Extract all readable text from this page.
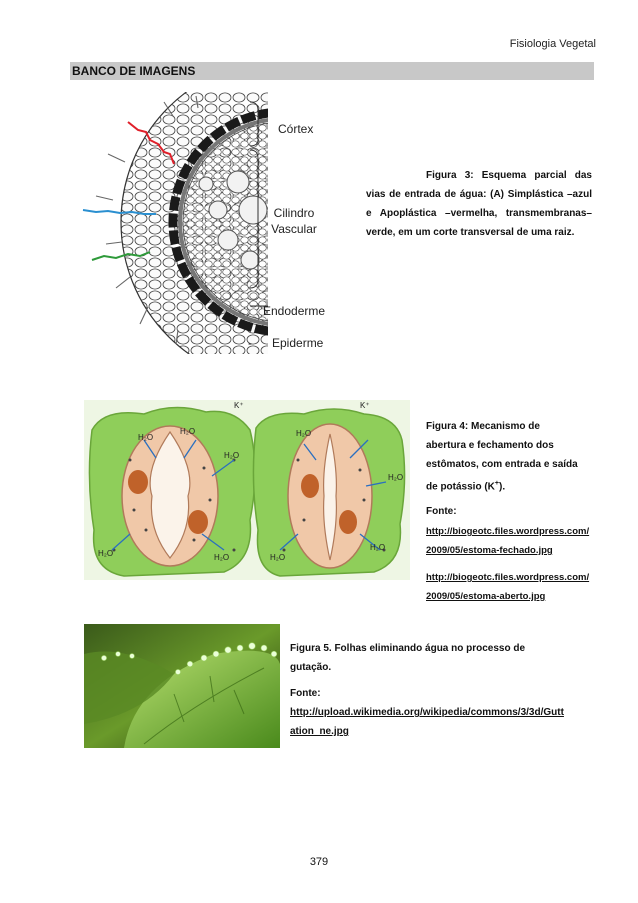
Fisiologia Vegetal
BANCO DE IMAGENS
Córtex
Cilindro
Vascular
Endoderme
- Epiderme
Figura 3: Esquema parcial das vias de entrada de água: (A) Simplástica –azul e Apoplástica –vermelha, transmembranas– verde, em um corte transversal de uma raiz.
H₂O
H₂O
H₂O
H₂O	H₂O
H₂O
H₂O
H₂O
H₂O
K⁺	K⁺
Figura 4: Mecanismo de
abertura e fechamento dos
estômatos, com entrada e saída
de potássio (K+).
Fonte:
http://biogeotc.files.wordpress.com/
2009/05/estoma-fechado.jpg
http://biogeotc.files.wordpress.com/
2009/05/estoma-aberto.jpg
Figura 5. Folhas eliminando água no processo de
gutação.
Fonte:
http://upload.wikimedia.org/wikipedia/commons/3/3d/Gutt
ation_ne.jpg
379
